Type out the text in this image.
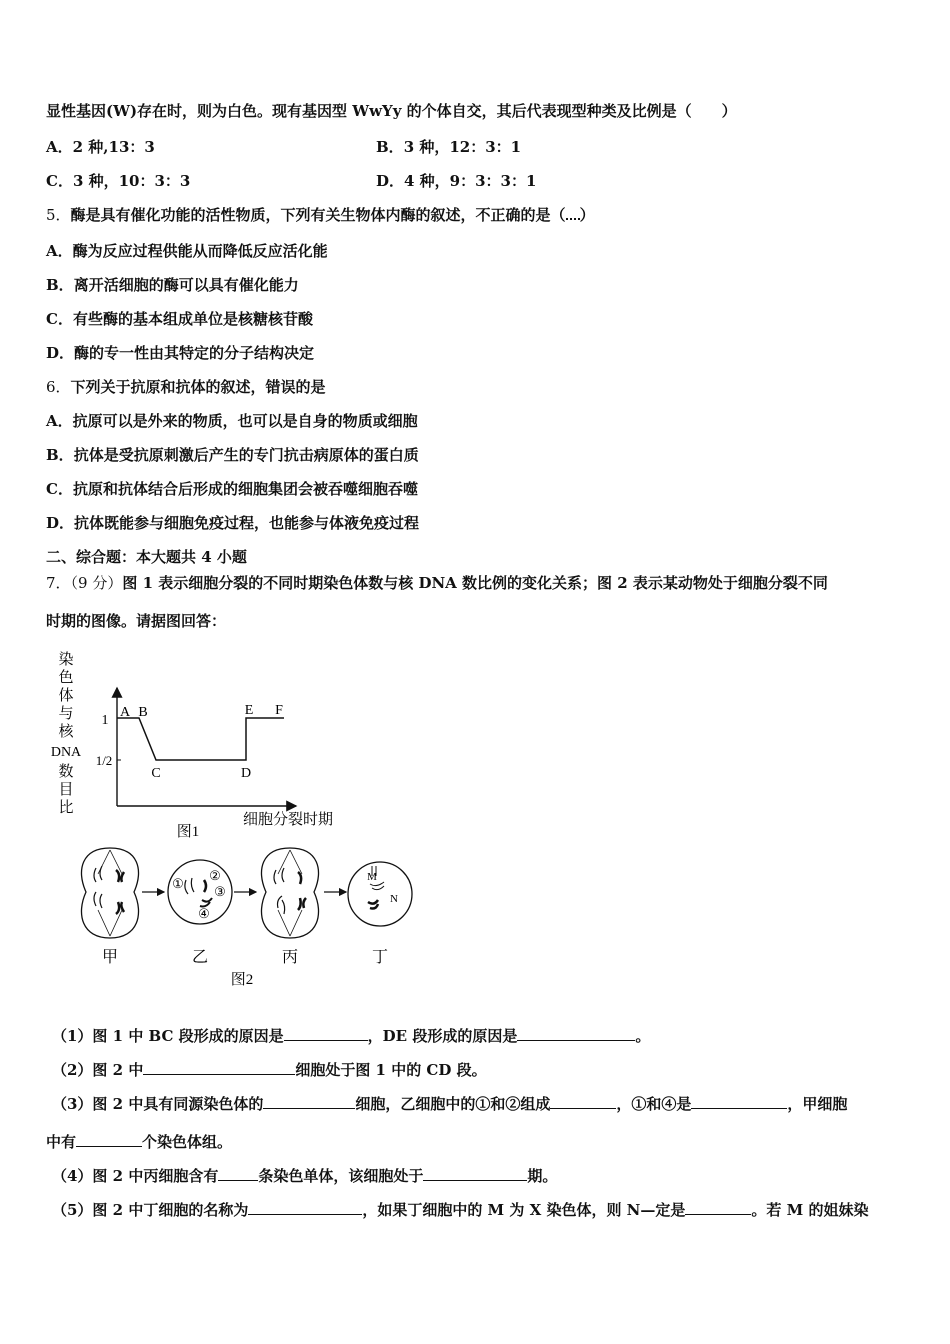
显性基因(W)存在时，则为白色。现有基因型 WwYy 的个体自交，其后代表现型种类及比例是（　　）
A．2 种,13：3	B．3 种，12：3：1
C．3 种，10：3：3	D．4 种，9：3：3：1
5．酶是具有催化功能的活性物质，下列有关生物体内酶的叙述，不正确的是（ ）
A．酶为反应过程供能从而降低反应活化能
B．离开活细胞的酶可以具有催化能力
C．有些酶的基本组成单位是核糖核苷酸
D．酶的专一性由其特定的分子结构决定
6．下列关于抗原和抗体的叙述，错误的是
A．抗原可以是外来的物质，也可以是自身的物质或细胞
B．抗体是受抗原刺激后产生的专门抗击病原体的蛋白质
C．抗原和抗体结合后形成的细胞集团会被吞噬细胞吞噬
D．抗体既能参与细胞免疫过程，也能参与体液免疫过程
二、综合题：本大题共 4 小题
7．（9 分）图 1 表示细胞分裂的不同时期染色体数与核 DNA 数比例的变化关系；图 2 表示某动物处于细胞分裂不同
时期的图像。请据图回答：
染
色
体
与
核
DNA
数
目
比
1
1/2
A B
C	D
E F
细胞分裂时期
图1
①
②
③
④
M
N
甲	乙	丙	丁
图2
（1）图 1 中 BC 段形成的原因是	，DE 段形成的原因是	。
（2）图 2 中	细胞处于图 1 中的 CD 段。
（3）图 2 中具有同源染色体的	细胞，乙细胞中的①和②组成	，①和④是	，甲细胞
中有	个染色体组。
（4）图 2 中丙细胞含有	条染色单体，该细胞处于	期。
（5）图 2 中丁细胞的名称为	，如果丁细胞中的 M 为 X 染色体，则 N—定是	。若 M 的姐妹染
